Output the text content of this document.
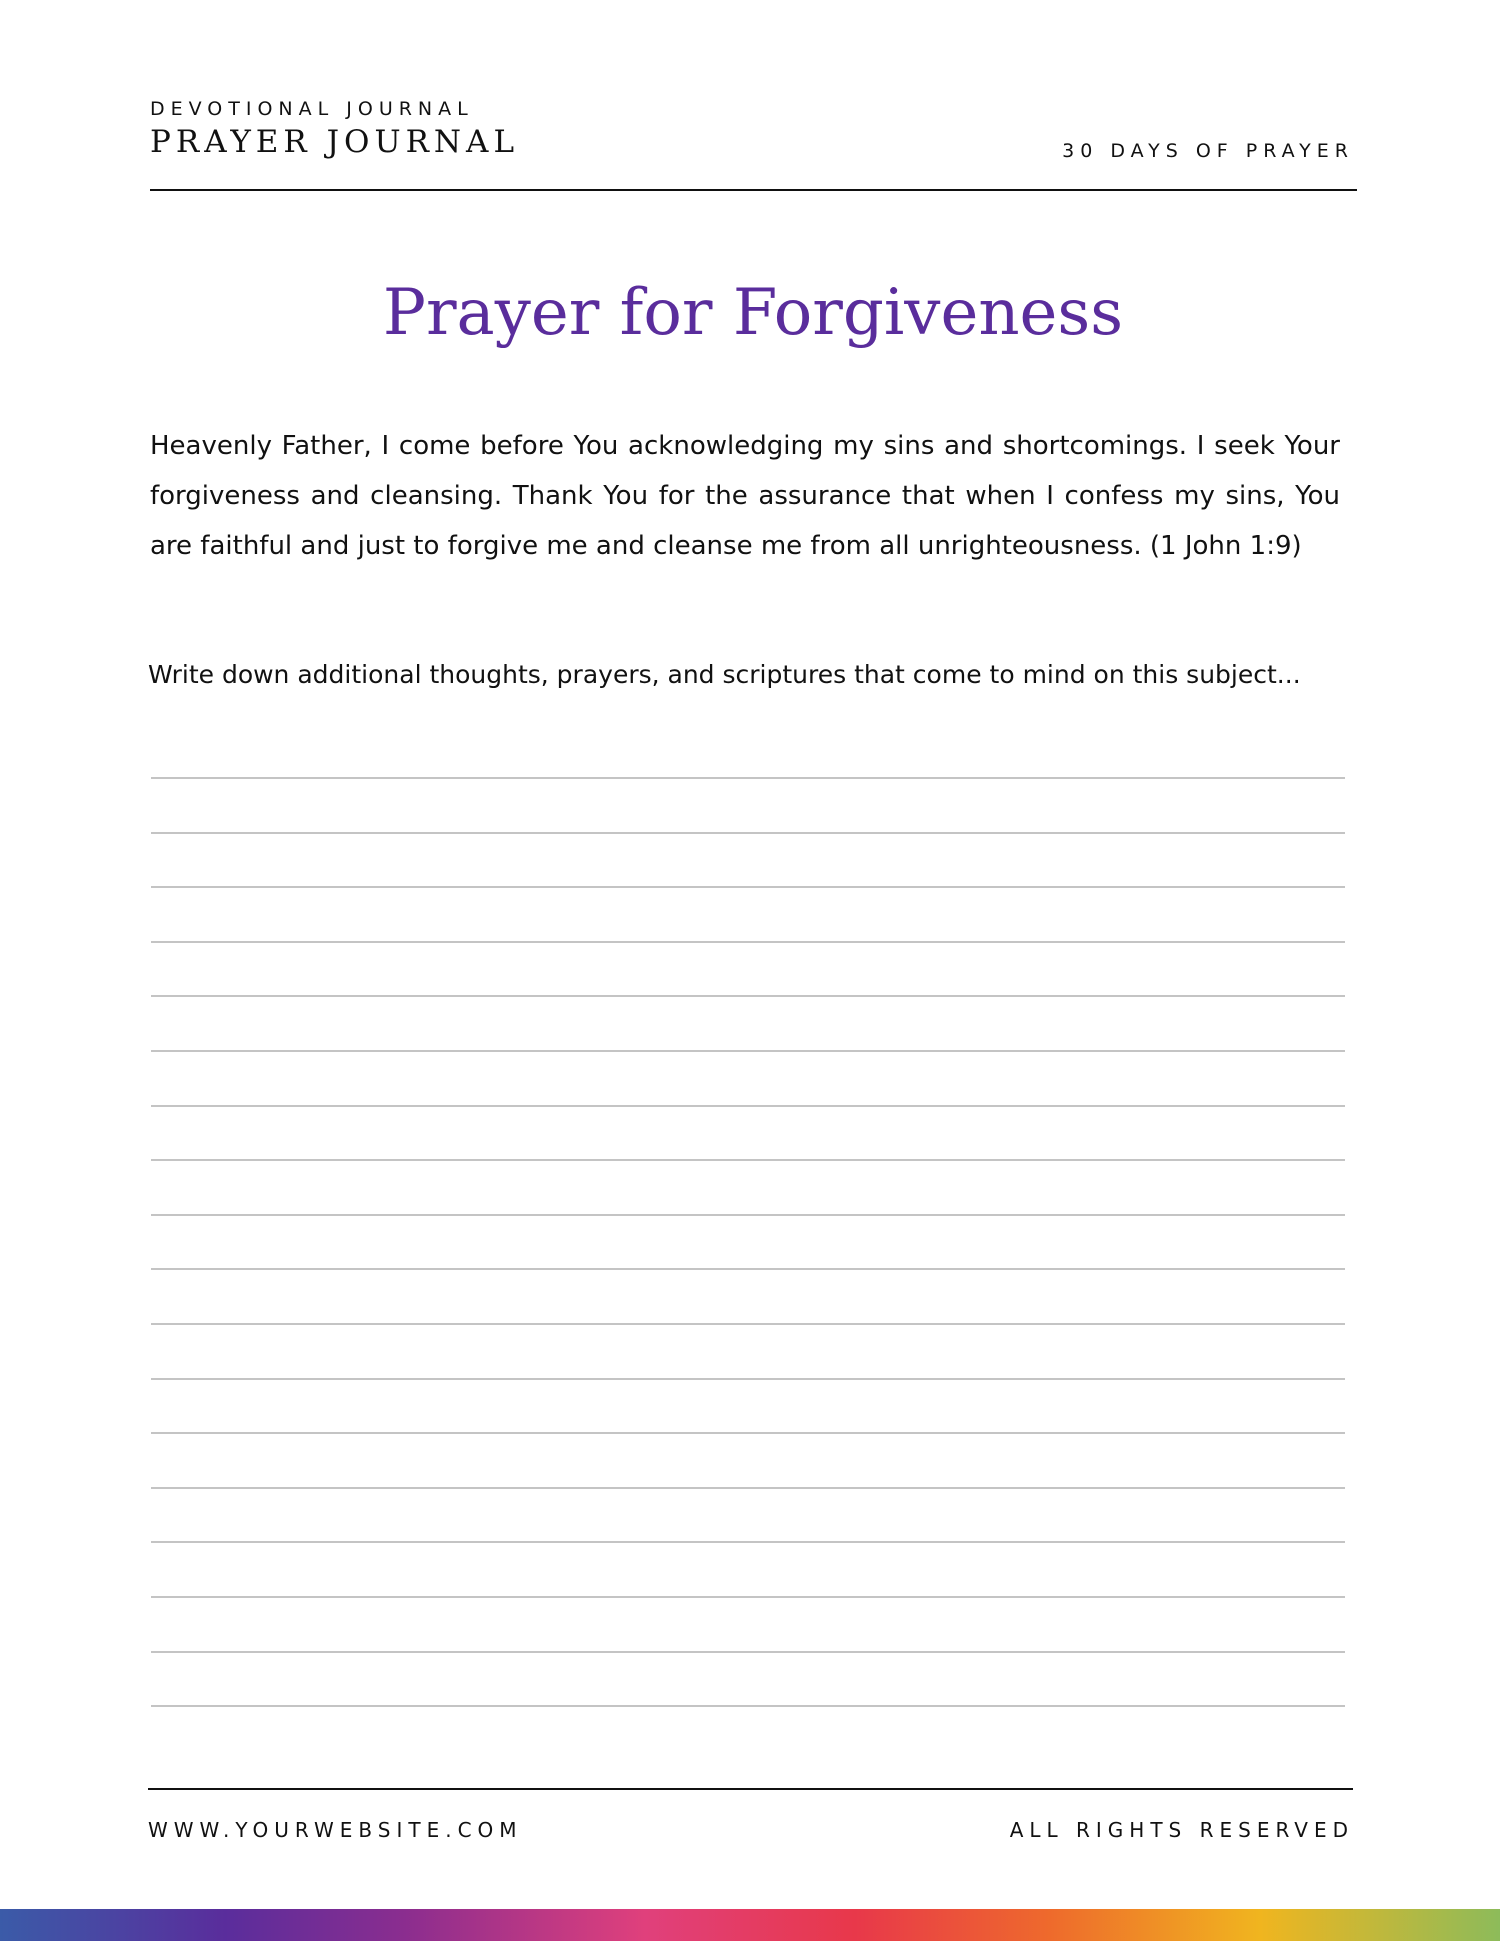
DEVOTIONAL JOURNAL
PRAYER JOURNAL	30 DAYS OF PRAYER
Prayer for Forgiveness
Heavenly Father, I come before You acknowledging my sins and shortcomings. I seek Your forgiveness and cleansing. Thank You for the assurance that when I confess my sins, You are faithful and just to forgive me and cleanse me from all unrighteousness. (1 John 1:9)
Write down additional thoughts, prayers, and scriptures that come to mind on this subject...
WWW.YOURWEBSITE.COM	ALL RIGHTS RESERVED
